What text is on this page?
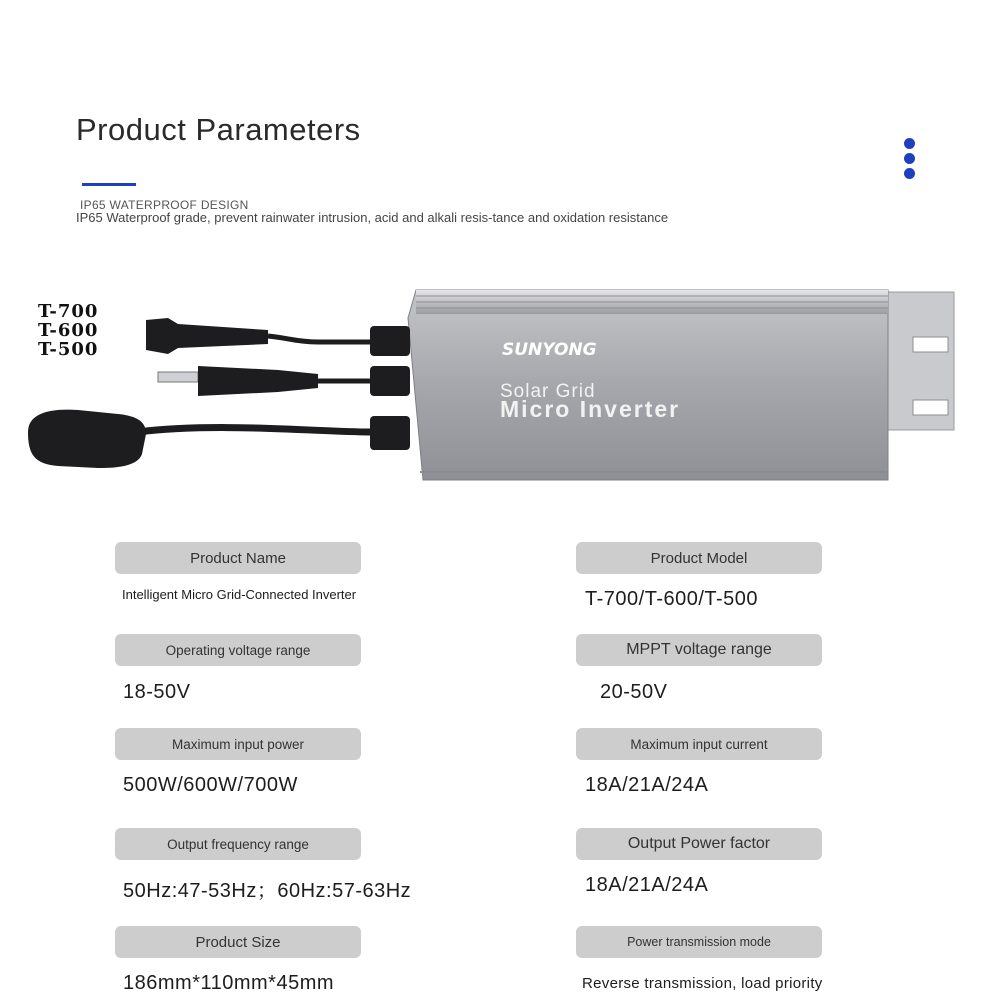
Product Parameters
IP65 WATERPROOF DESIGN
IP65 Waterproof grade, prevent rainwater intrusion, acid and alkali resis-tance and oxidation resistance
T-700
T-600
T-500	SUNYONG
Solar Grid
Micro Inverter
Product Name
Intelligent Micro Grid-Connected Inverter
Product Model
T-700/T-600/T-500
Operating voltage range
18-50V
MPPT voltage range
20-50V
Maximum input power
500W/600W/700W
Maximum input current
18A/21A/24A
Output frequency range
50Hz:47-53Hz；60Hz:57-63Hz
Output Power factor
18A/21A/24A
Product Size
186mm*110mm*45mm
Power transmission mode
Reverse transmission, load priority
